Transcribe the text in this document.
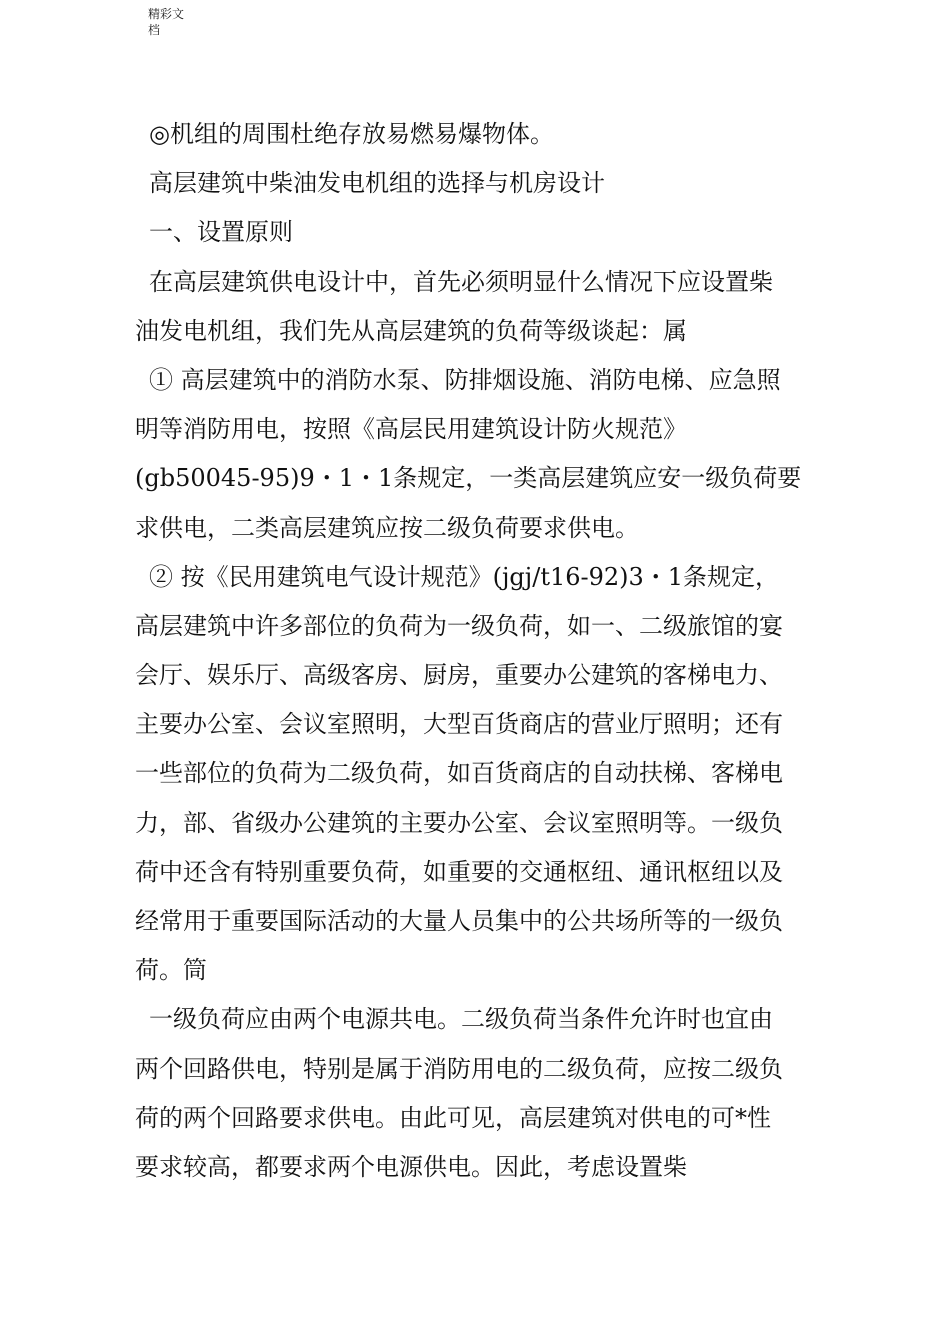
精彩文
档
◎机组的周围杜绝存放易燃易爆物体。
高层建筑中柴油发电机组的选择与机房设计
一、设置原则
在高层建筑供电设计中，首先必须明显什么情况下应设置柴
油发电机组，我们先从高层建筑的负荷等级谈起：属
① 高层建筑中的消防水泵、防排烟设施、消防电梯、应急照
明等消防用电，按照《高层民用建筑设计防火规范》
(gb50045-95)9・1・1条规定，一类高层建筑应安一级负荷要
求供电，二类高层建筑应按二级负荷要求供电。
② 按《民用建筑电气设计规范》(jgj/t16-92)3・1条规定，
高层建筑中许多部位的负荷为一级负荷，如一、二级旅馆的宴
会厅、娱乐厅、高级客房、厨房，重要办公建筑的客梯电力、
主要办公室、会议室照明，大型百货商店的营业厅照明；还有
一些部位的负荷为二级负荷，如百货商店的自动扶梯、客梯电
力，部、省级办公建筑的主要办公室、会议室照明等。一级负
荷中还含有特别重要负荷，如重要的交通枢纽、通讯枢纽以及
经常用于重要国际活动的大量人员集中的公共场所等的一级负
荷。筒
一级负荷应由两个电源共电。二级负荷当条件允许时也宜由
两个回路供电，特别是属于消防用电的二级负荷，应按二级负
荷的两个回路要求供电。由此可见，高层建筑对供电的可*性
要求较高，都要求两个电源供电。因此，考虑设置柴
